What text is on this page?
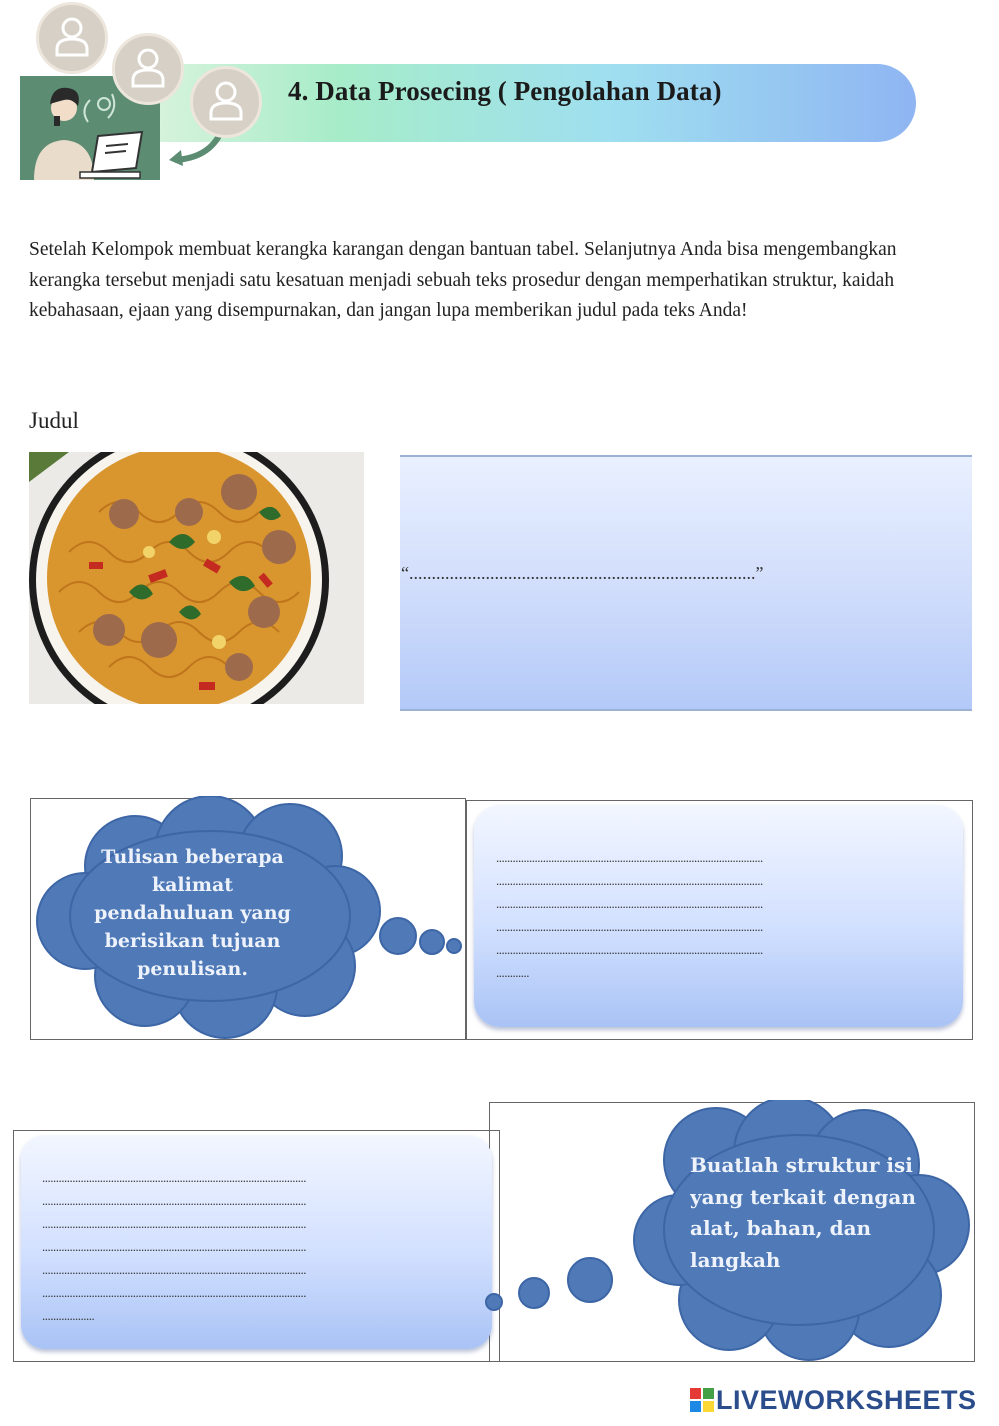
4. Data Prosecing ( Pengolahan Data)
Setelah Kelompok membuat kerangka karangan dengan bantuan tabel. Selanjutnya Anda bisa mengembangkan kerangka tersebut menjadi satu kesatuan menjadi sebuah teks prosedur dengan memperhatikan struktur, kaidah kebahasaan, ejaan yang disempurnakan, dan jangan lupa memberikan judul pada teks Anda!
Judul
“.............................................................................”
Tulisan beberapa kalimat pendahuluan yang berisikan tujuan penulisan.
.................................................................................................
.................................................................................................
.................................................................................................
.................................................................................................
.................................................................................................
............
................................................................................................
................................................................................................
................................................................................................
................................................................................................
................................................................................................
................................................................................................
...................
Buatlah struktur isi yang terkait dengan alat, bahan, dan langkah
LIVEWORKSHEETS
